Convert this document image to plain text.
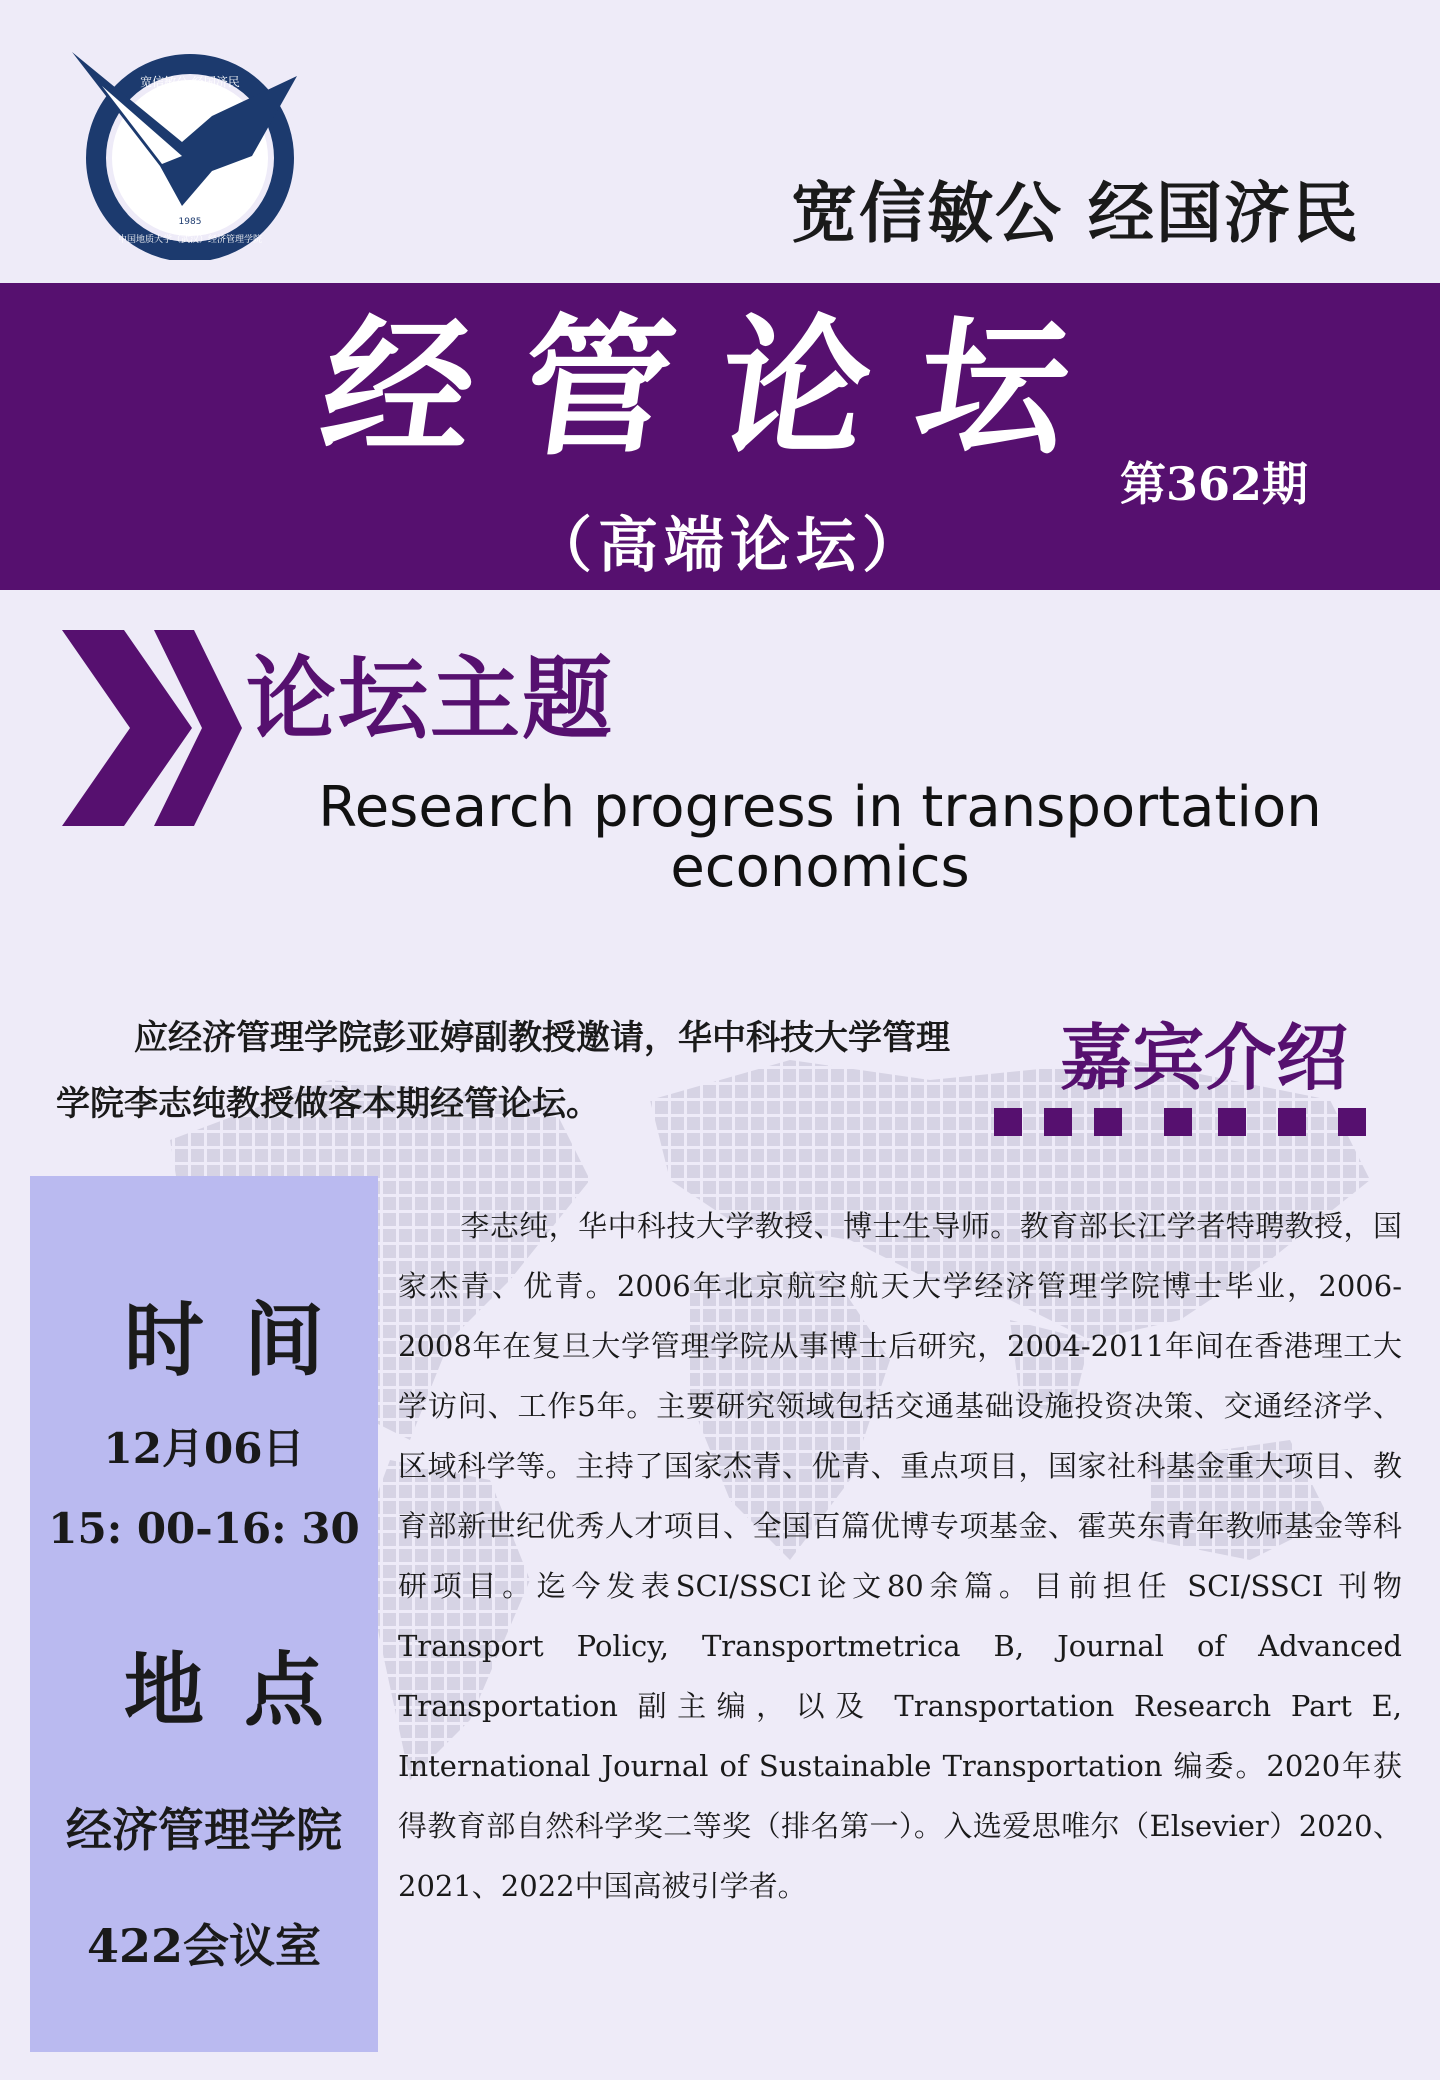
宽信敏公 经国济民
中国地质大学（武汉）经济管理学院
1985	宽信敏公 经国济民
经管论坛
第362期
（高端论坛）
论坛主题
Research progress in transportation economics
应经济管理学院彭亚婷副教授邀请，华中科技大学管理学院李志纯教授做客本期经管论坛。
嘉宾介绍
时间
12月06日
15: 00-16: 30
地点
经济管理学院
422会议室
李志纯，华中科技大学教授、博士生导师。教育部长江学者特聘教授，国家杰青、优青。2006年北京航空航天大学经济管理学院博士毕业，2006-2008年在复旦大学管理学院从事博士后研究，2004-2011年间在香港理工大学访问、工作5年。主要研究领域包括交通基础设施投资决策、交通经济学、区域科学等。主持了国家杰青、优青、重点项目，国家社科基金重大项目、教育部新世纪优秀人才项目、全国百篇优博专项基金、霍英东青年教师基金等科研项目。迄今发表SCI/SSCI论文80余篇。目前担任 SCI/SSCI 刊物 Transport Policy, Transportmetrica B, Journal of Advanced Transportation 副主编，以及 Transportation Research Part E, International Journal of Sustainable Transportation 编委。2020年获得教育部自然科学奖二等奖（排名第一）。入选爱思唯尔（Elsevier）2020、2021、2022中国高被引学者。
